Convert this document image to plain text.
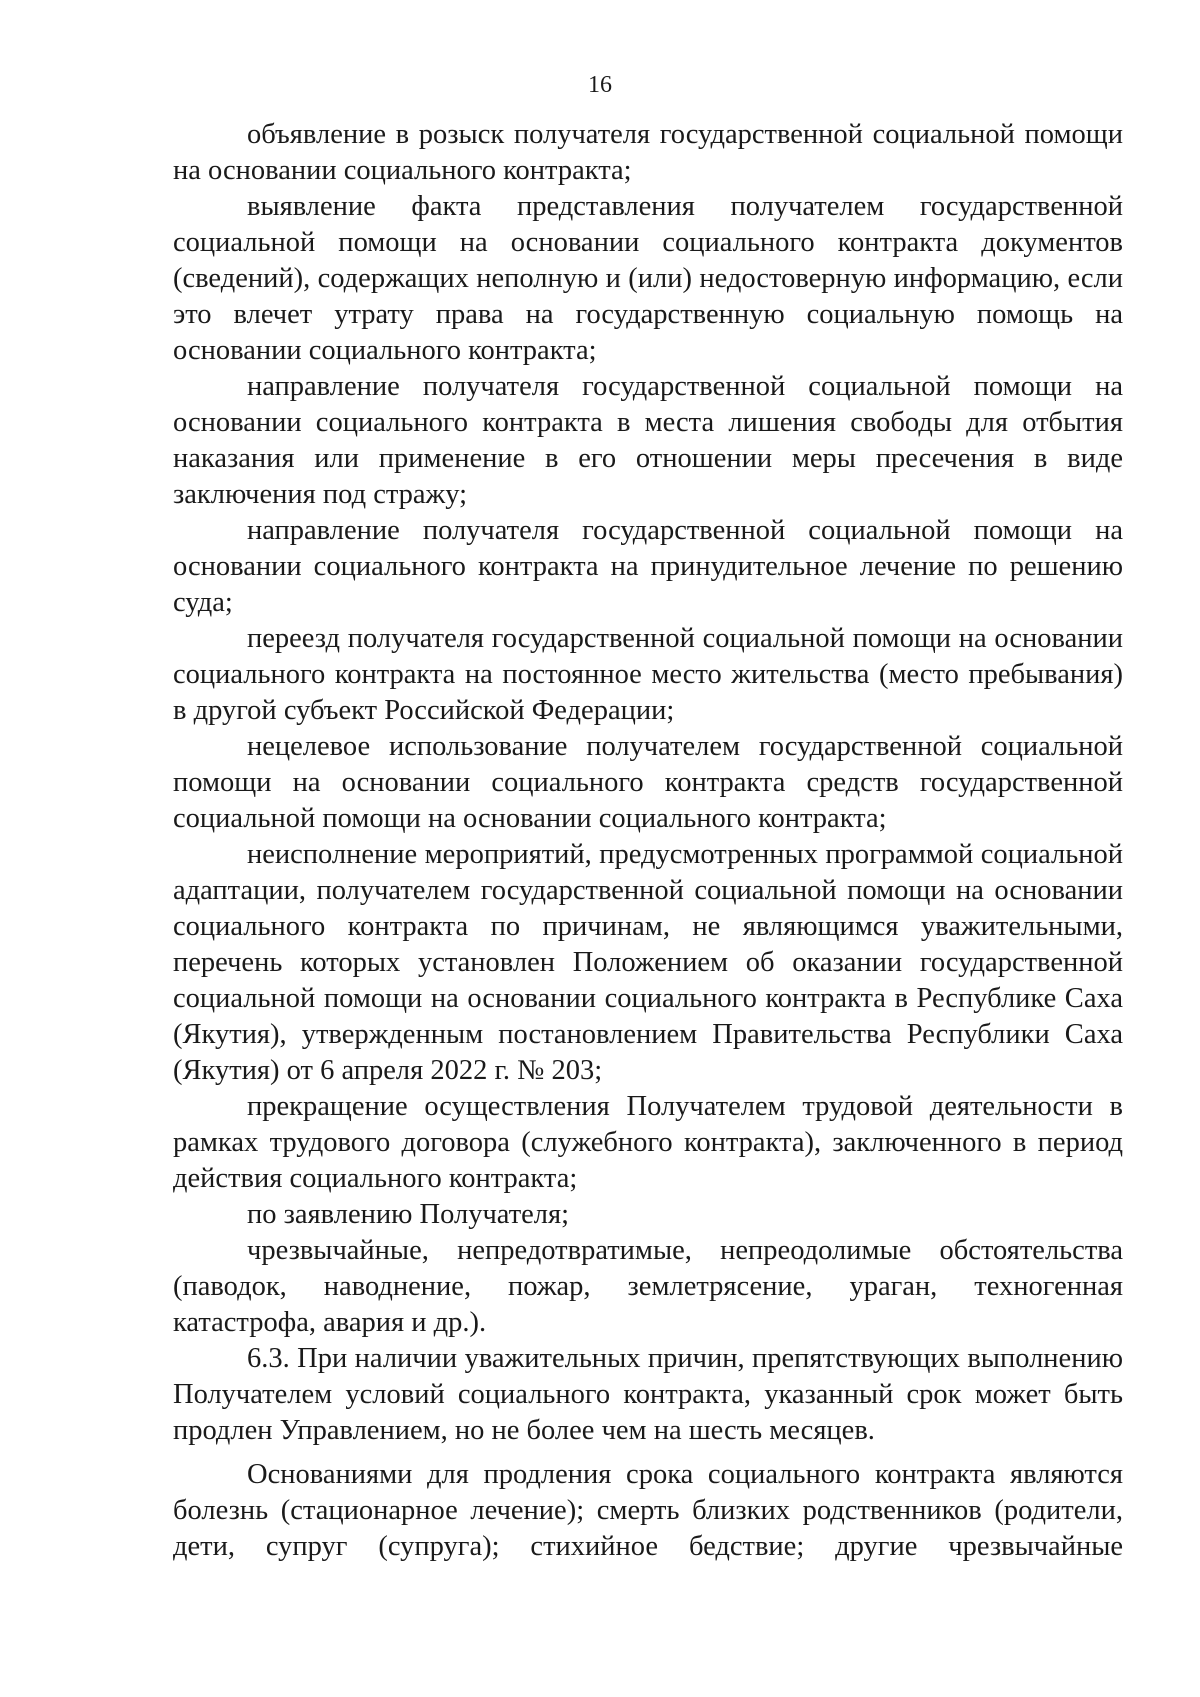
16

объявление в розыск получателя государственной социальной помощи на основании социального контракта;

выявление факта представления получателем государственной социальной помощи на основании социального контракта документов (сведений), содержащих неполную и (или) недостоверную информацию, если это влечет утрату права на государственную социальную помощь на основании социального контракта;

направление получателя государственной социальной помощи на основании социального контракта в места лишения свободы для отбытия наказания или применение в его отношении меры пресечения в виде заключения под стражу;

направление получателя государственной социальной помощи на основании социального контракта на принудительное лечение по решению суда;

переезд получателя государственной социальной помощи на основании социального контракта на постоянное место жительства (место пребывания) в другой субъект Российской Федерации;

нецелевое использование получателем государственной социальной помощи на основании социального контракта средств государственной социальной помощи на основании социального контракта;

неисполнение мероприятий, предусмотренных программой социальной адаптации, получателем государственной социальной помощи на основании социального контракта по причинам, не являющимся уважительными, перечень которых установлен Положением об оказании государственной социальной помощи на основании социального контракта в Республике Саха (Якутия), утвержденным постановлением Правительства Республики Саха (Якутия) от 6 апреля 2022 г. № 203;

прекращение осуществления Получателем трудовой деятельности в рамках трудового договора (служебного контракта), заключенного в период действия социального контракта;

по заявлению Получателя;

чрезвычайные, непредотвратимые, непреодолимые обстоятельства (паводок, наводнение, пожар, землетрясение, ураган, техногенная катастрофа, авария и др.).

6.3. При наличии уважительных причин, препятствующих выполнению Получателем условий социального контракта, указанный срок может быть продлен Управлением, но не более чем на шесть месяцев.

Основаниями для продления срока социального контракта являются болезнь (стационарное лечение); смерть близких родственников (родители, дети, супруг (супруга); стихийное бедствие; другие чрезвычайные
